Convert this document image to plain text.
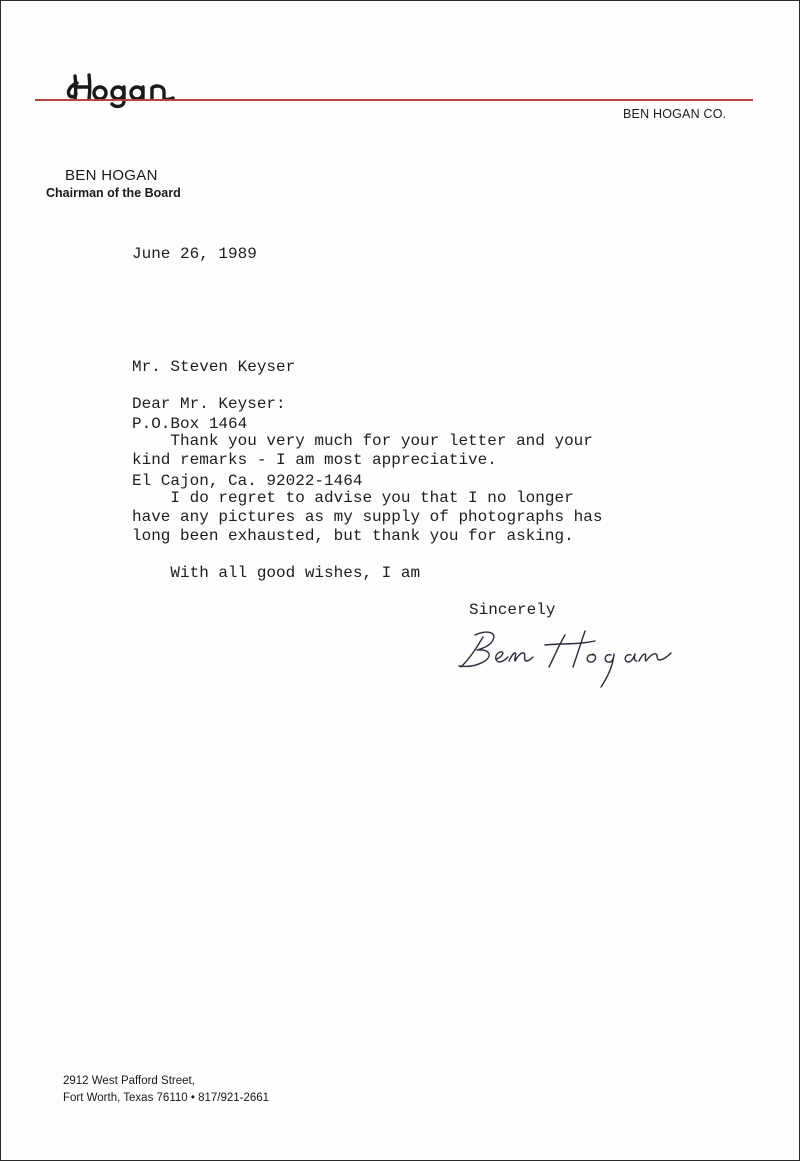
BEN HOGAN CO.
BEN HOGAN
Chairman of the Board
June 26, 1989

Mr. Steven Keyser

P.O.Box 1464

El Cajon, Ca. 92022-1464

Dear Mr. Keyser:
Thank you very much for your letter and your
kind remarks - I am most appreciative.
I do regret to advise you that I no longer
have any pictures as my supply of photographs has
long been exhausted, but thank you for asking.
With all good wishes, I am
Sincerely
2912 West Pafford Street,
Fort Worth, Texas 76110 • 817/921-2661
